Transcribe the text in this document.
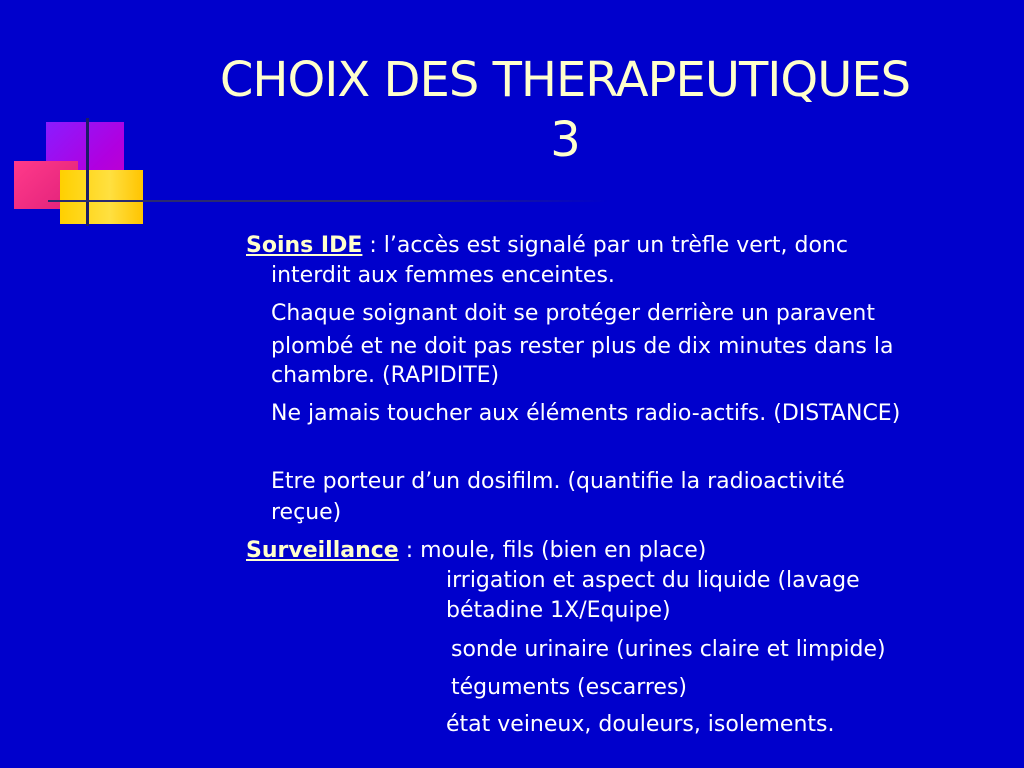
CHOIX DES THERAPEUTIQUES
3
Soins IDE : l’accès est signalé par un trèfle vert, donc
interdit aux femmes enceintes.
Chaque soignant doit se protéger derrière un paravent
plombé et ne doit pas rester plus de dix minutes dans la
chambre. (RAPIDITE)
Ne jamais toucher aux éléments radio-actifs. (DISTANCE)
Etre porteur d’un dosifilm. (quantifie la radioactivité
reçue)
Surveillance : moule, fils (bien en place)
irrigation et aspect du liquide (lavage
bétadine 1X/Equipe)
sonde urinaire (urines claire et limpide)
téguments (escarres)
état veineux, douleurs, isolements.
